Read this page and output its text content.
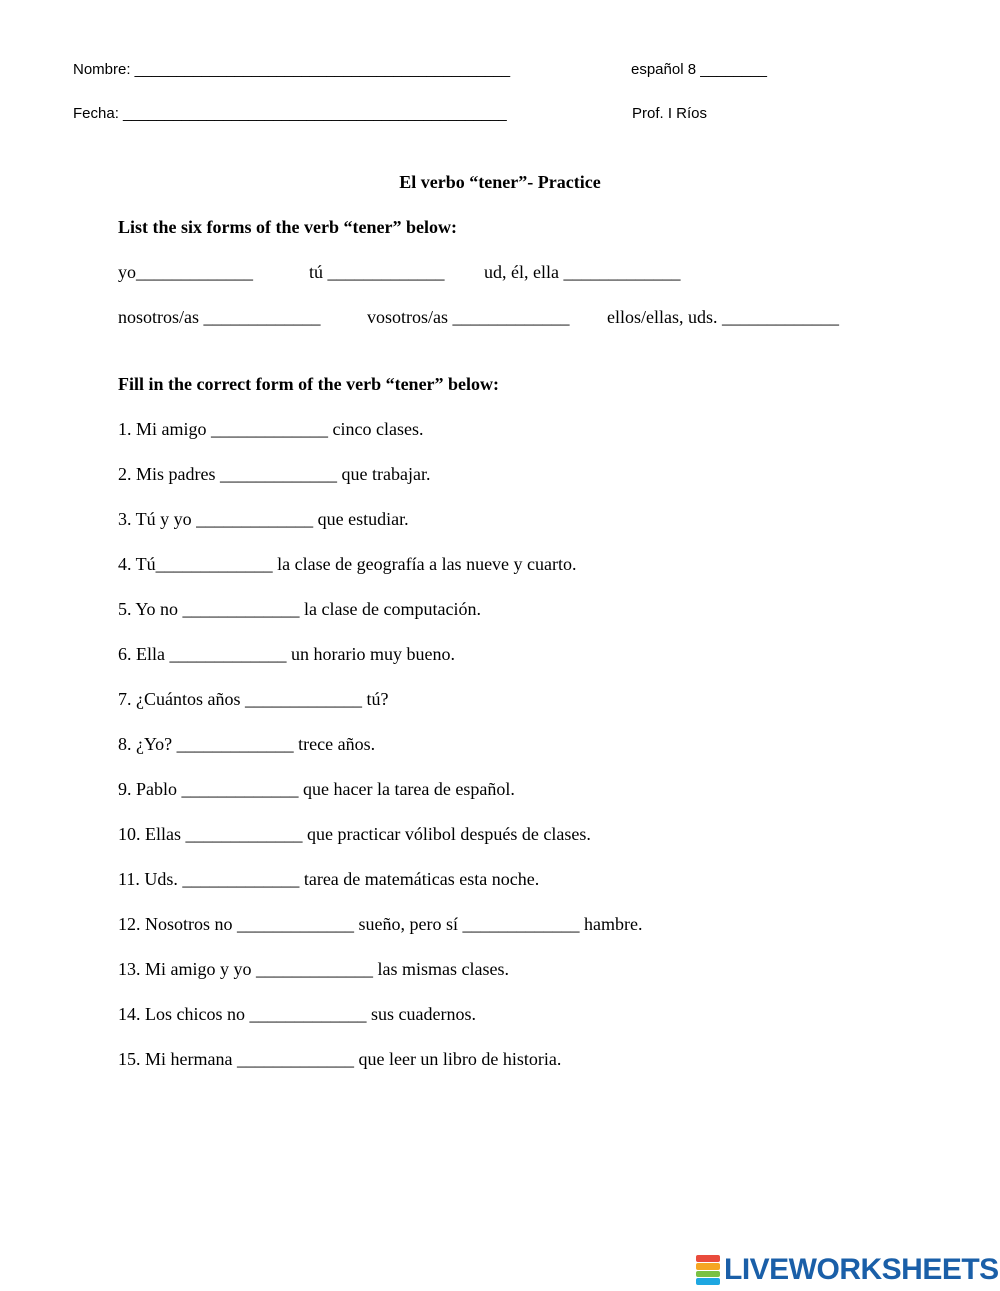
Nombre: _____________________________________________	español 8 ________
Fecha: ______________________________________________	Prof. I Ríos
El verbo “tener”- Practice
List the six forms of the verb “tener” below:
yo_____________	tú _____________ ud, él, ella _____________
nosotros/as _____________	vosotros/as _____________ ellos/ellas, uds. _____________
Fill in the correct form of the verb “tener” below:
1. Mi amigo _____________ cinco clases.
2. Mis padres _____________ que trabajar.
3. Tú y yo _____________ que estudiar.
4. Tú_____________ la clase de geografía a las nueve y cuarto.
5. Yo no _____________ la clase de computación.
6. Ella _____________ un horario muy bueno.
7. ¿Cuántos años _____________ tú?
8. ¿Yo? _____________ trece años.
9. Pablo _____________ que hacer la tarea de español.
10. Ellas _____________ que practicar vólibol después de clases.
11. Uds. _____________ tarea de matemáticas esta noche.
12. Nosotros no _____________ sueño, pero sí _____________ hambre.
13. Mi amigo y yo _____________ las mismas clases.
14. Los chicos no _____________ sus cuadernos.
15. Mi hermana _____________ que leer un libro de historia.
LIVEWORKSHEETS
